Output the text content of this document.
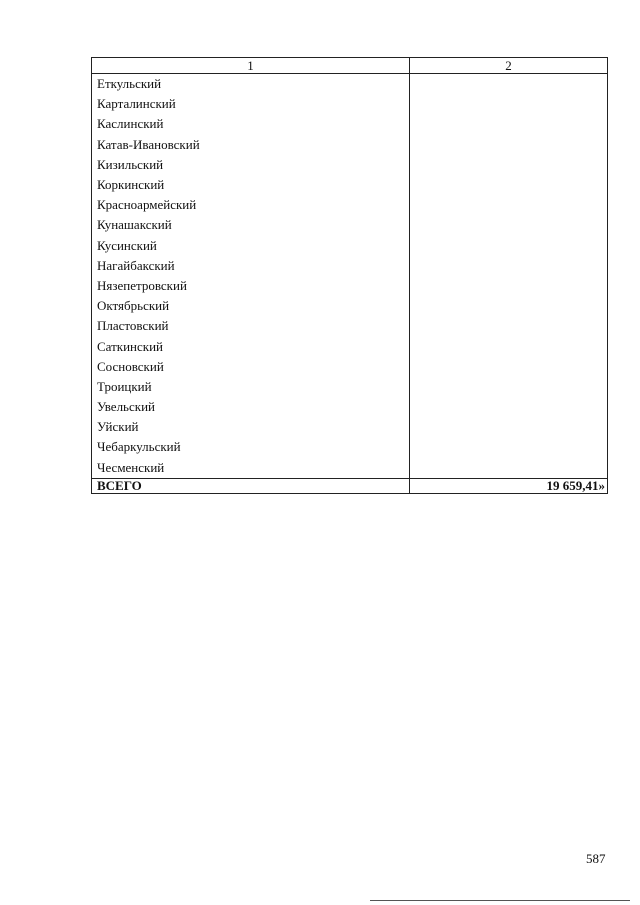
1	2
Еткульский	
Карталинский	
Каслинский	
Катав-Ивановский	
Кизильский	
Коркинский	
Красноармейский	
Кунашакский	
Кусинский	
Нагайбакский	
Нязепетровский	
Октябрьский	
Пластовский	
Саткинский	
Сосновский	
Троицкий	
Увельский	
Уйский	
Чебаркульский	
Чесменский	
ВСЕГО	19 659,41»
587
